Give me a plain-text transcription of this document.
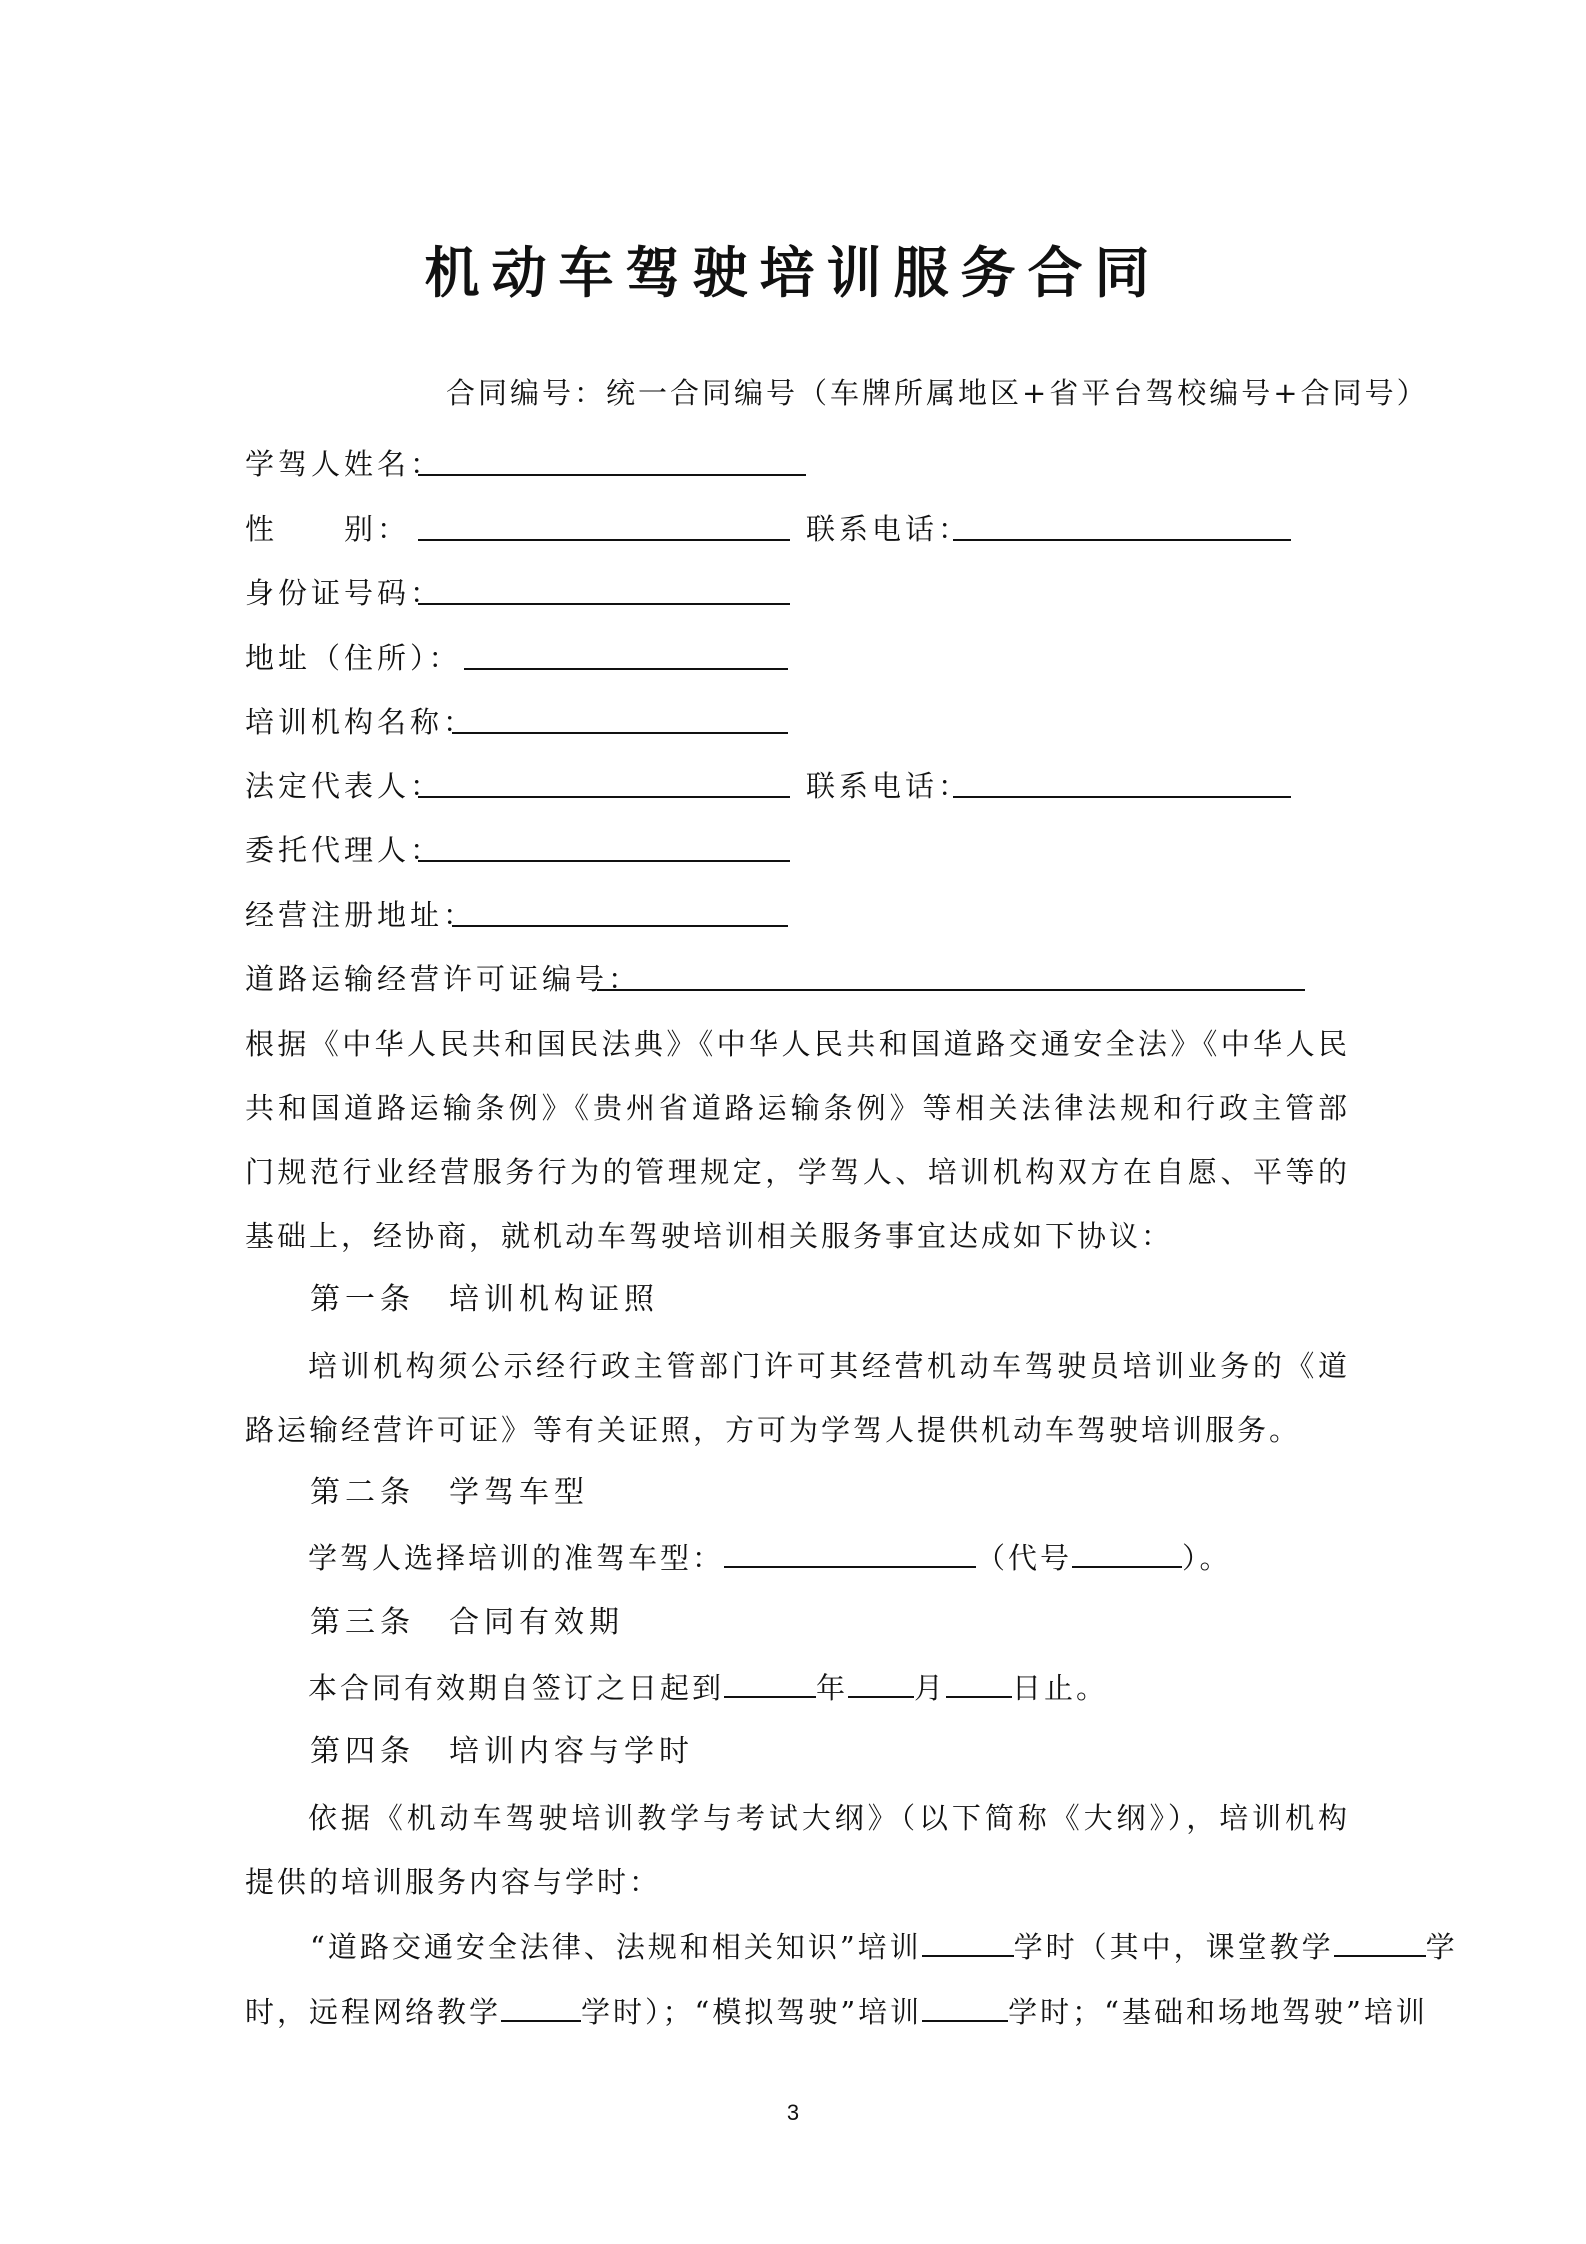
机动车驾驶培训服务合同
合同编号：统一合同编号（车牌所属地区+省平台驾校编号+合同号）
学驾人姓名：
性　　别：	联系电话：
身份证号码：
地址（住所）：
培训机构名称：
法定代表人：	联系电话：
委托代理人：
经营注册地址：
道路运输经营许可证编号：
根据《中华人民共和国民法典》《中华人民共和国道路交通安全法》《中华人民共和国道路运输条例》《贵州省道路运输条例》等相关法律法规和行政主管部门规范行业经营服务行为的管理规定，学驾人、培训机构双方在自愿、平等的基础上，经协商，就机动车驾驶培训相关服务事宜达成如下协议：
第一条 培训机构证照
培训机构须公示经行政主管部门许可其经营机动车驾驶员培训业务的《道路运输经营许可证》等有关证照，方可为学驾人提供机动车驾驶培训服务。
第二条 学驾车型
学驾人选择培训的准驾车型：	（代号	）。
第三条 合同有效期
本合同有效期自签订之日起到	年 月 日止。
第四条 培训内容与学时
依据《机动车驾驶培训教学与考试大纲》（以下简称《大纲》），培训机构提供的培训服务内容与学时：
“道路交通安全法律、法规和相关知识”培训	学时（其中，课堂教学	学
时，远程网络教学	学时）；“模拟驾驶”培训	学时；“基础和场地驾驶”培训
3
